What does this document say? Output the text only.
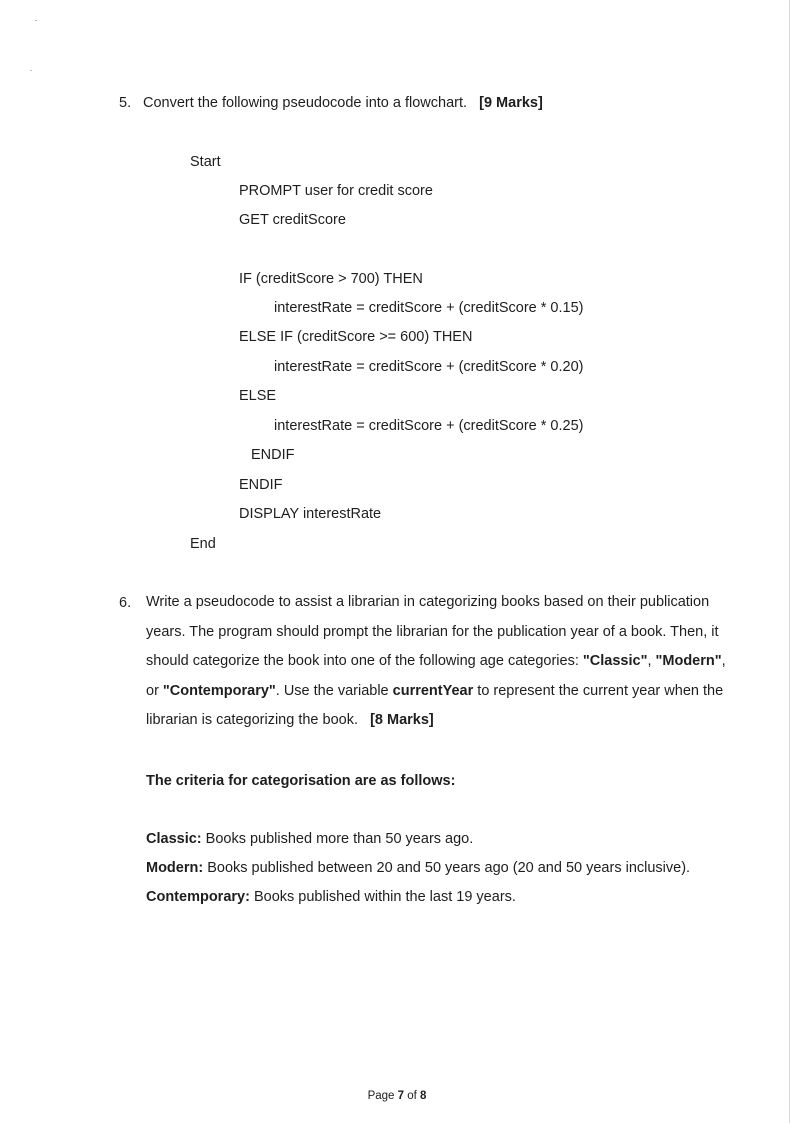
5. Convert the following pseudocode into a flowchart. [9 Marks]
Start
PROMPT user for credit score
GET creditScore
IF (creditScore > 700) THEN
interestRate = creditScore + (creditScore * 0.15)
ELSE IF (creditScore >= 600) THEN
interestRate = creditScore + (creditScore * 0.20)
ELSE
interestRate = creditScore + (creditScore * 0.25)
ENDIF
ENDIF
DISPLAY interestRate
End
6. Write a pseudocode to assist a librarian in categorizing books based on their publication years. The program should prompt the librarian for the publication year of a book. Then, it should categorize the book into one of the following age categories: "Classic", "Modern", or "Contemporary". Use the variable currentYear to represent the current year when the librarian is categorizing the book.   [8 Marks]
The criteria for categorisation are as follows:
Classic: Books published more than 50 years ago.
Modern: Books published between 20 and 50 years ago (20 and 50 years inclusive).
Contemporary: Books published within the last 19 years.
Page 7 of 8
